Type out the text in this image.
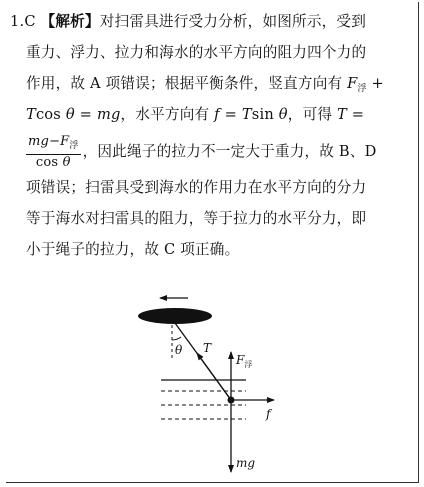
1.C 【解析】对扫雷具进行受力分析，如图所示，受到
重力、浮力、拉力和海水的水平方向的阻力四个力的
作用，故 A 项错误；根据平衡条件，竖直方向有 $F_浮$ +
Tcos θ = mg，水平方向有 f = Tsin θ，可得 T =
$\frac{mg-F_浮}{\text{cos θ}}$ ，因此绳子的拉力不一定大于重力，故 B、D
项错误；扫雷具受到海水的作用力在水平方向的分力
等于海水对扫雷具的阻力，等于拉力的水平分力，即
小于绳子的拉力，故 C 项正确。
θ T
$F_浮$
f
mg
